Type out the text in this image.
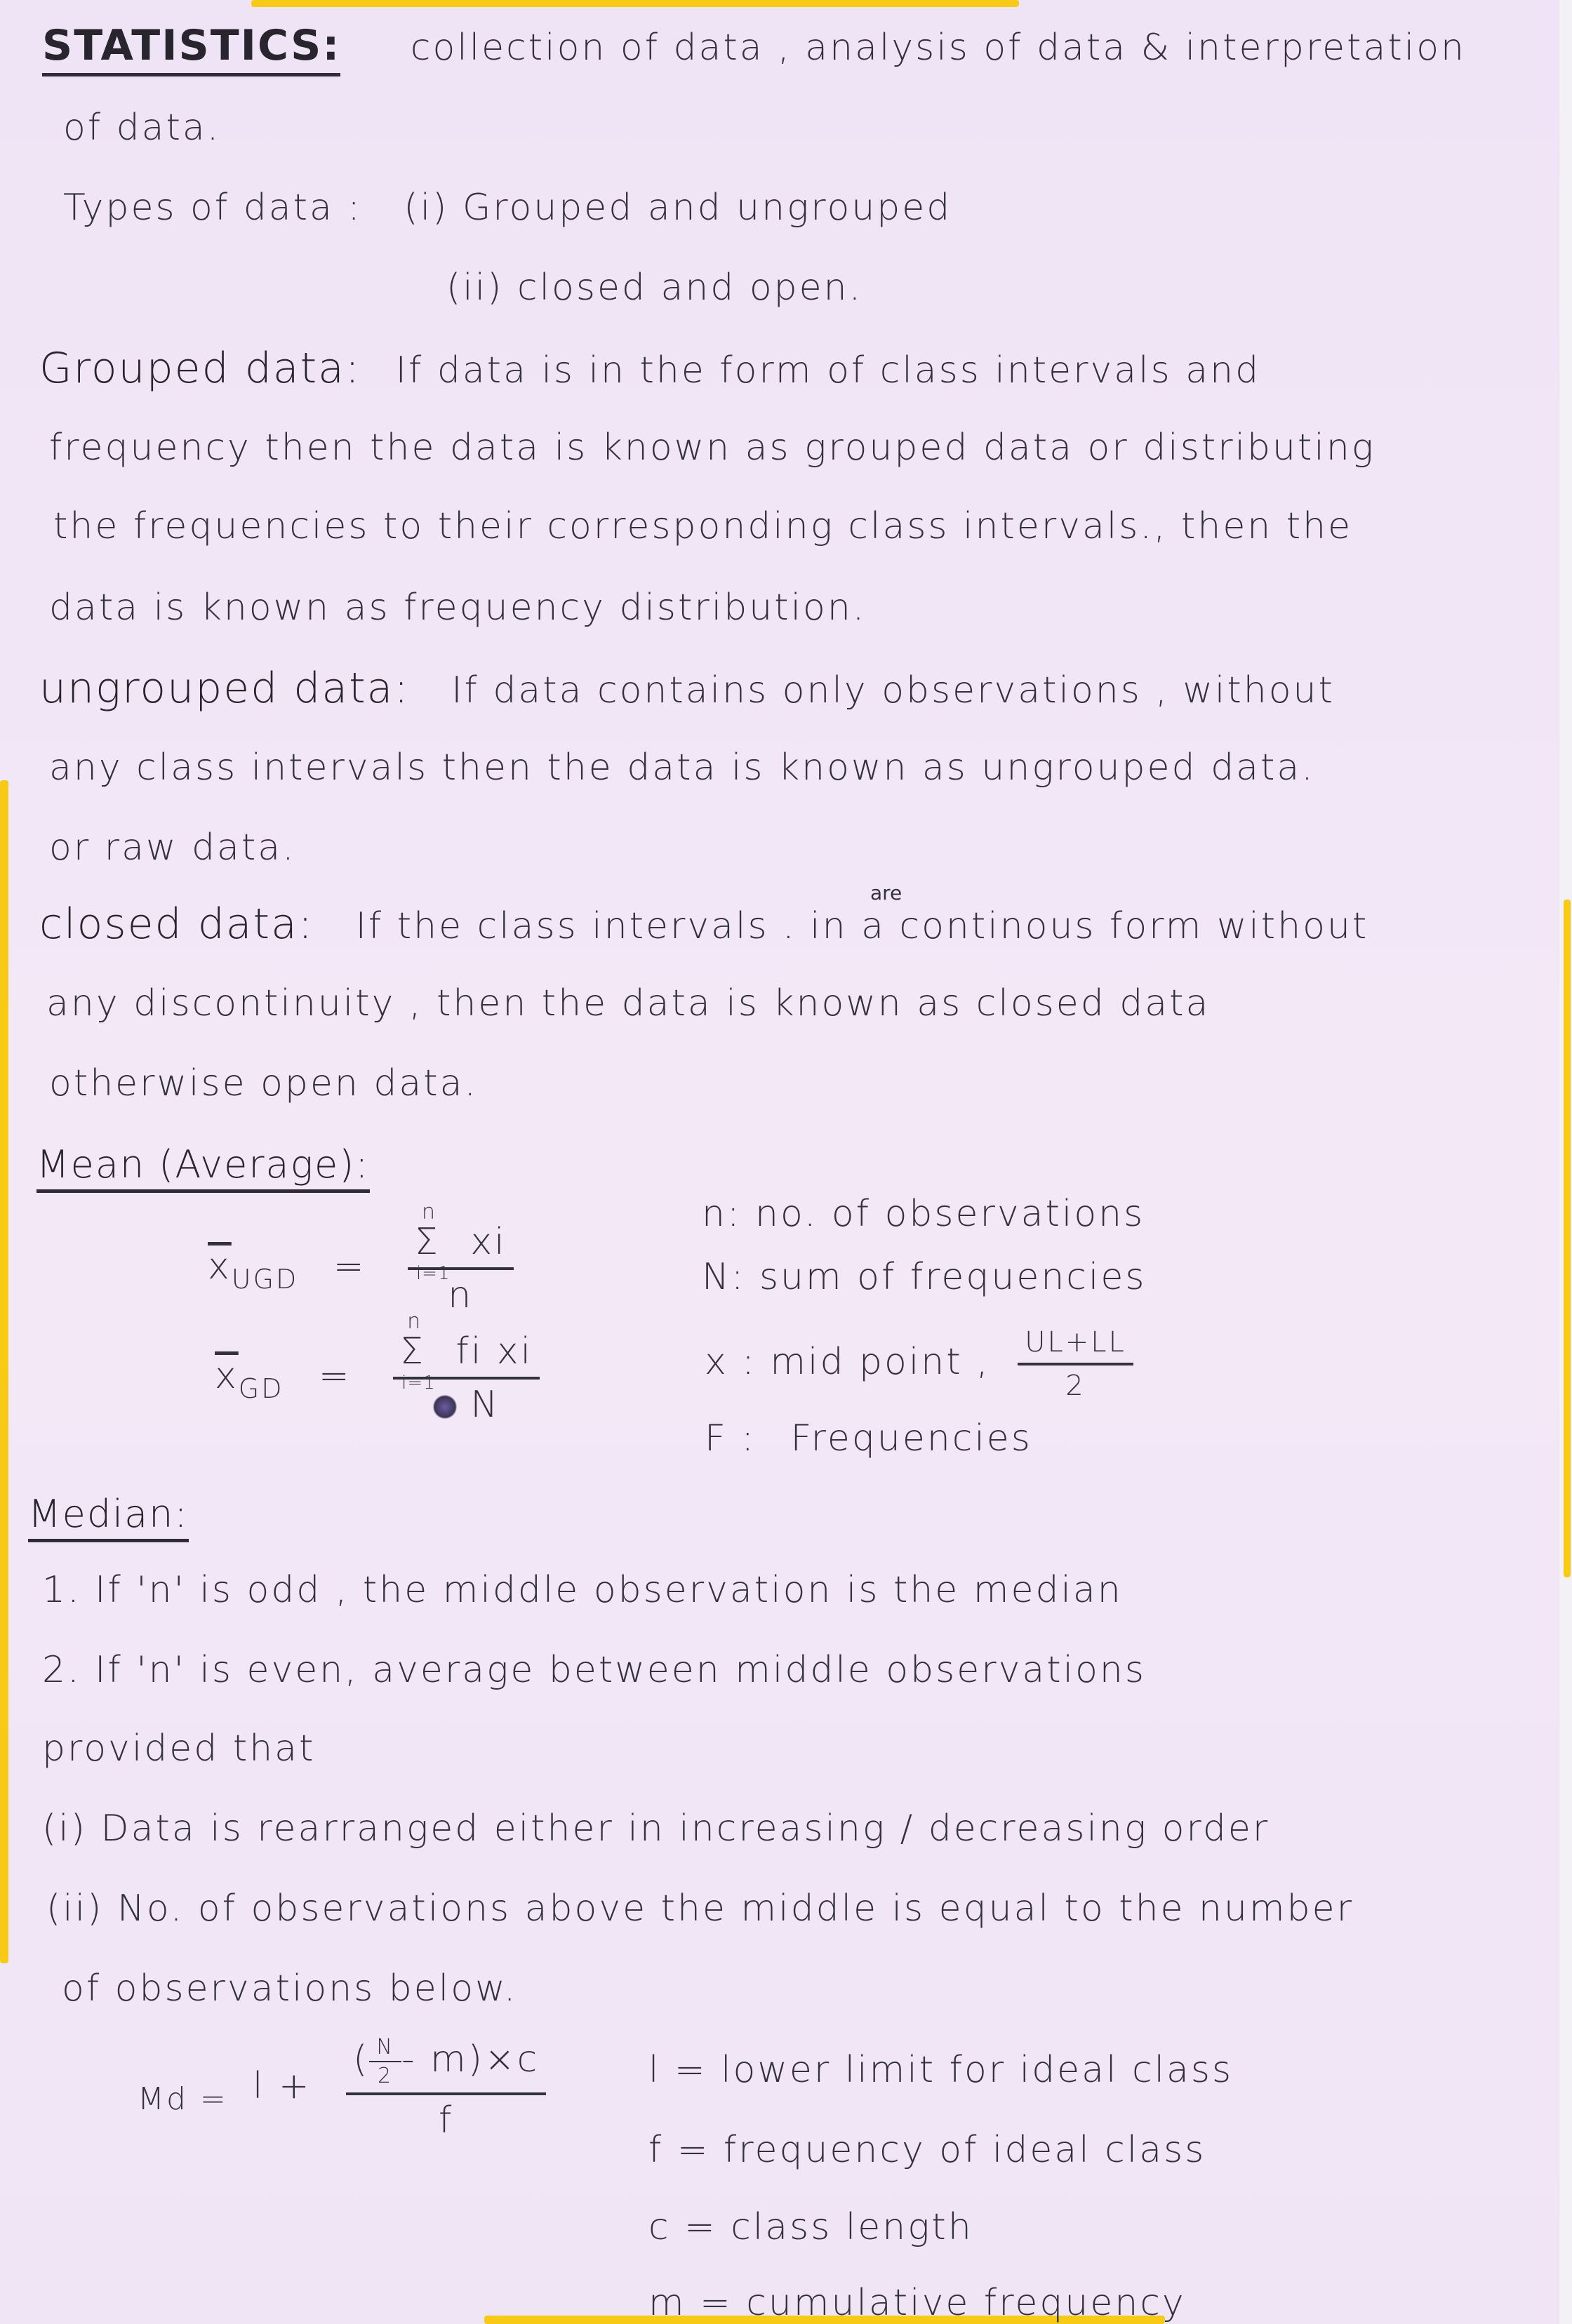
STATISTICS: collection of data , analysis of data & interpretation
of data.
Types of data : (i) Grouped and ungrouped
(ii) closed and open.
Grouped data: If data is in the form of class intervals and
frequency then the data is known as grouped data or distributing
the frequencies to their corresponding class intervals., then the
data is known as frequency distribution.
ungrouped data: If data contains only observations , without
any class intervals then the data is known as ungrouped data.
or raw data.
are
closed data: If the class intervals . in a continous form without
any discontinuity , then the data is known as closed data
otherwise open data.
Mean (Average):
$\overline{x}_{UGD} = \Sigma$
n
i=1
xi
n
$\overline{x}_{GD} = \Sigma$
n
i=1
fi xi
N
n: no. of observations
N: sum of frequencies
x : mid point , $\frac{UL+LL}{2}$
F : Frequencies
Median:
1. If 'n' is odd , the middle observation is the median
2. If 'n' is even, average between middle observations
provided that
(i) Data is rearranged either in increasing / decreasing order
(ii) No. of observations above the middle is equal to the number
of observations below.
$Md = l + \frac{( \frac{N}{2} - m)\times c}{f}$	l = lower limit for ideal class
f = frequency of ideal class
c = class length
m = cumulative frequency
